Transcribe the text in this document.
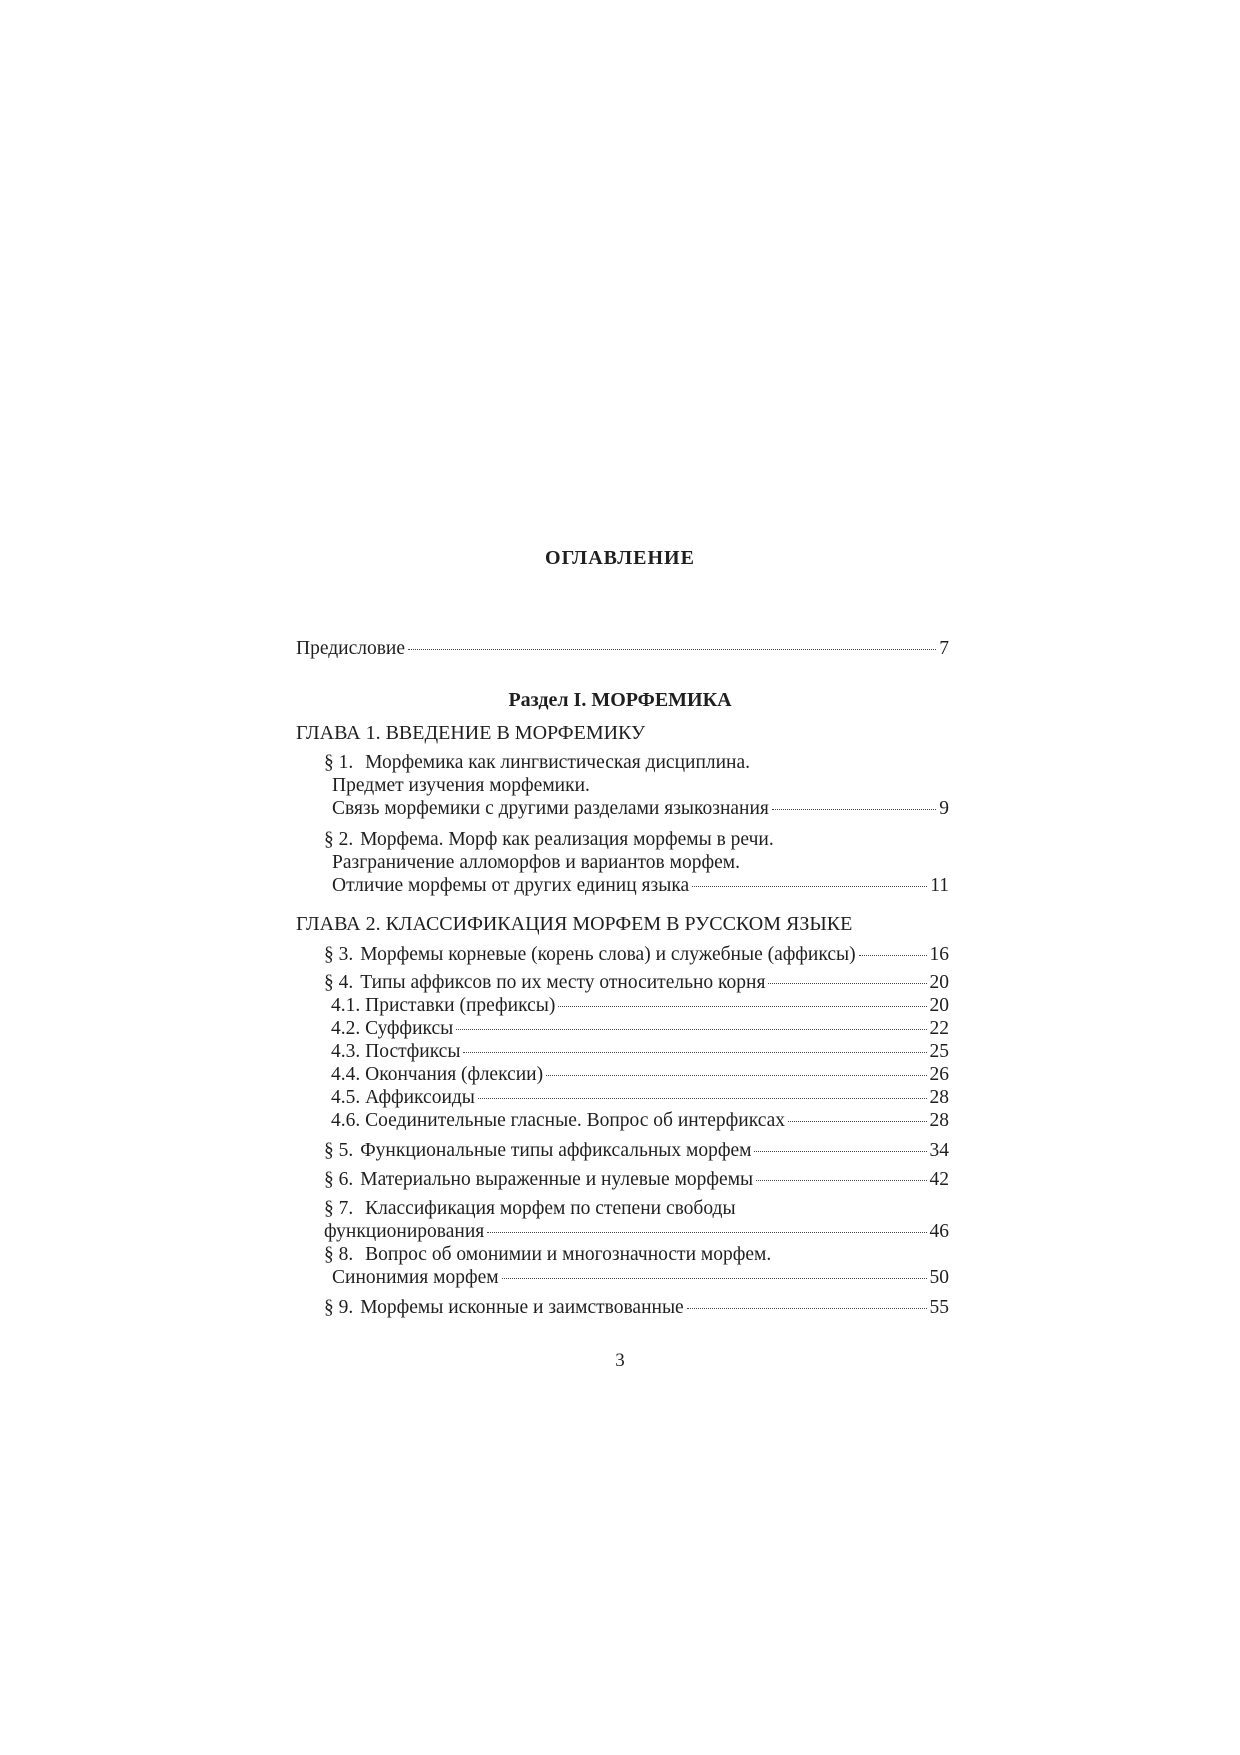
ОГЛАВЛЕНИЕ
Предисловие	7
Раздел I. МОРФЕМИКА
ГЛАВА 1. ВВЕДЕНИЕ В МОРФЕМИКУ
§ 1. Морфемика как лингвистическая дисциплина.
Предмет изучения морфемики.
Связь морфемики с другими разделами языкознания	9
§ 2. Морфема. Морф как реализация морфемы в речи.
Разграничение алломорфов и вариантов морфем.
Отличие морфемы от других единиц языка	11
ГЛАВА 2. КЛАССИФИКАЦИЯ МОРФЕМ В РУССКОМ ЯЗЫКЕ
§ 3. Морфемы корневые (корень слова) и служебные (аффиксы)	16
§ 4. Типы аффиксов по их месту относительно корня	20
4.1. Приставки (префиксы)	20
4.2. Суффиксы	22
4.3. Постфиксы	25
4.4. Окончания (флексии)	26
4.5. Аффиксоиды	28
4.6. Соединительные гласные. Вопрос об интерфиксах	28
§ 5. Функциональные типы аффиксальных морфем	34
§ 6. Материально выраженные и нулевые морфемы	42
§ 7. Классификация морфем по степени свободы
функционирования	46
§ 8. Вопрос об омонимии и многозначности морфем.
Синонимия морфем	50
§ 9. Морфемы исконные и заимствованные	55
3
